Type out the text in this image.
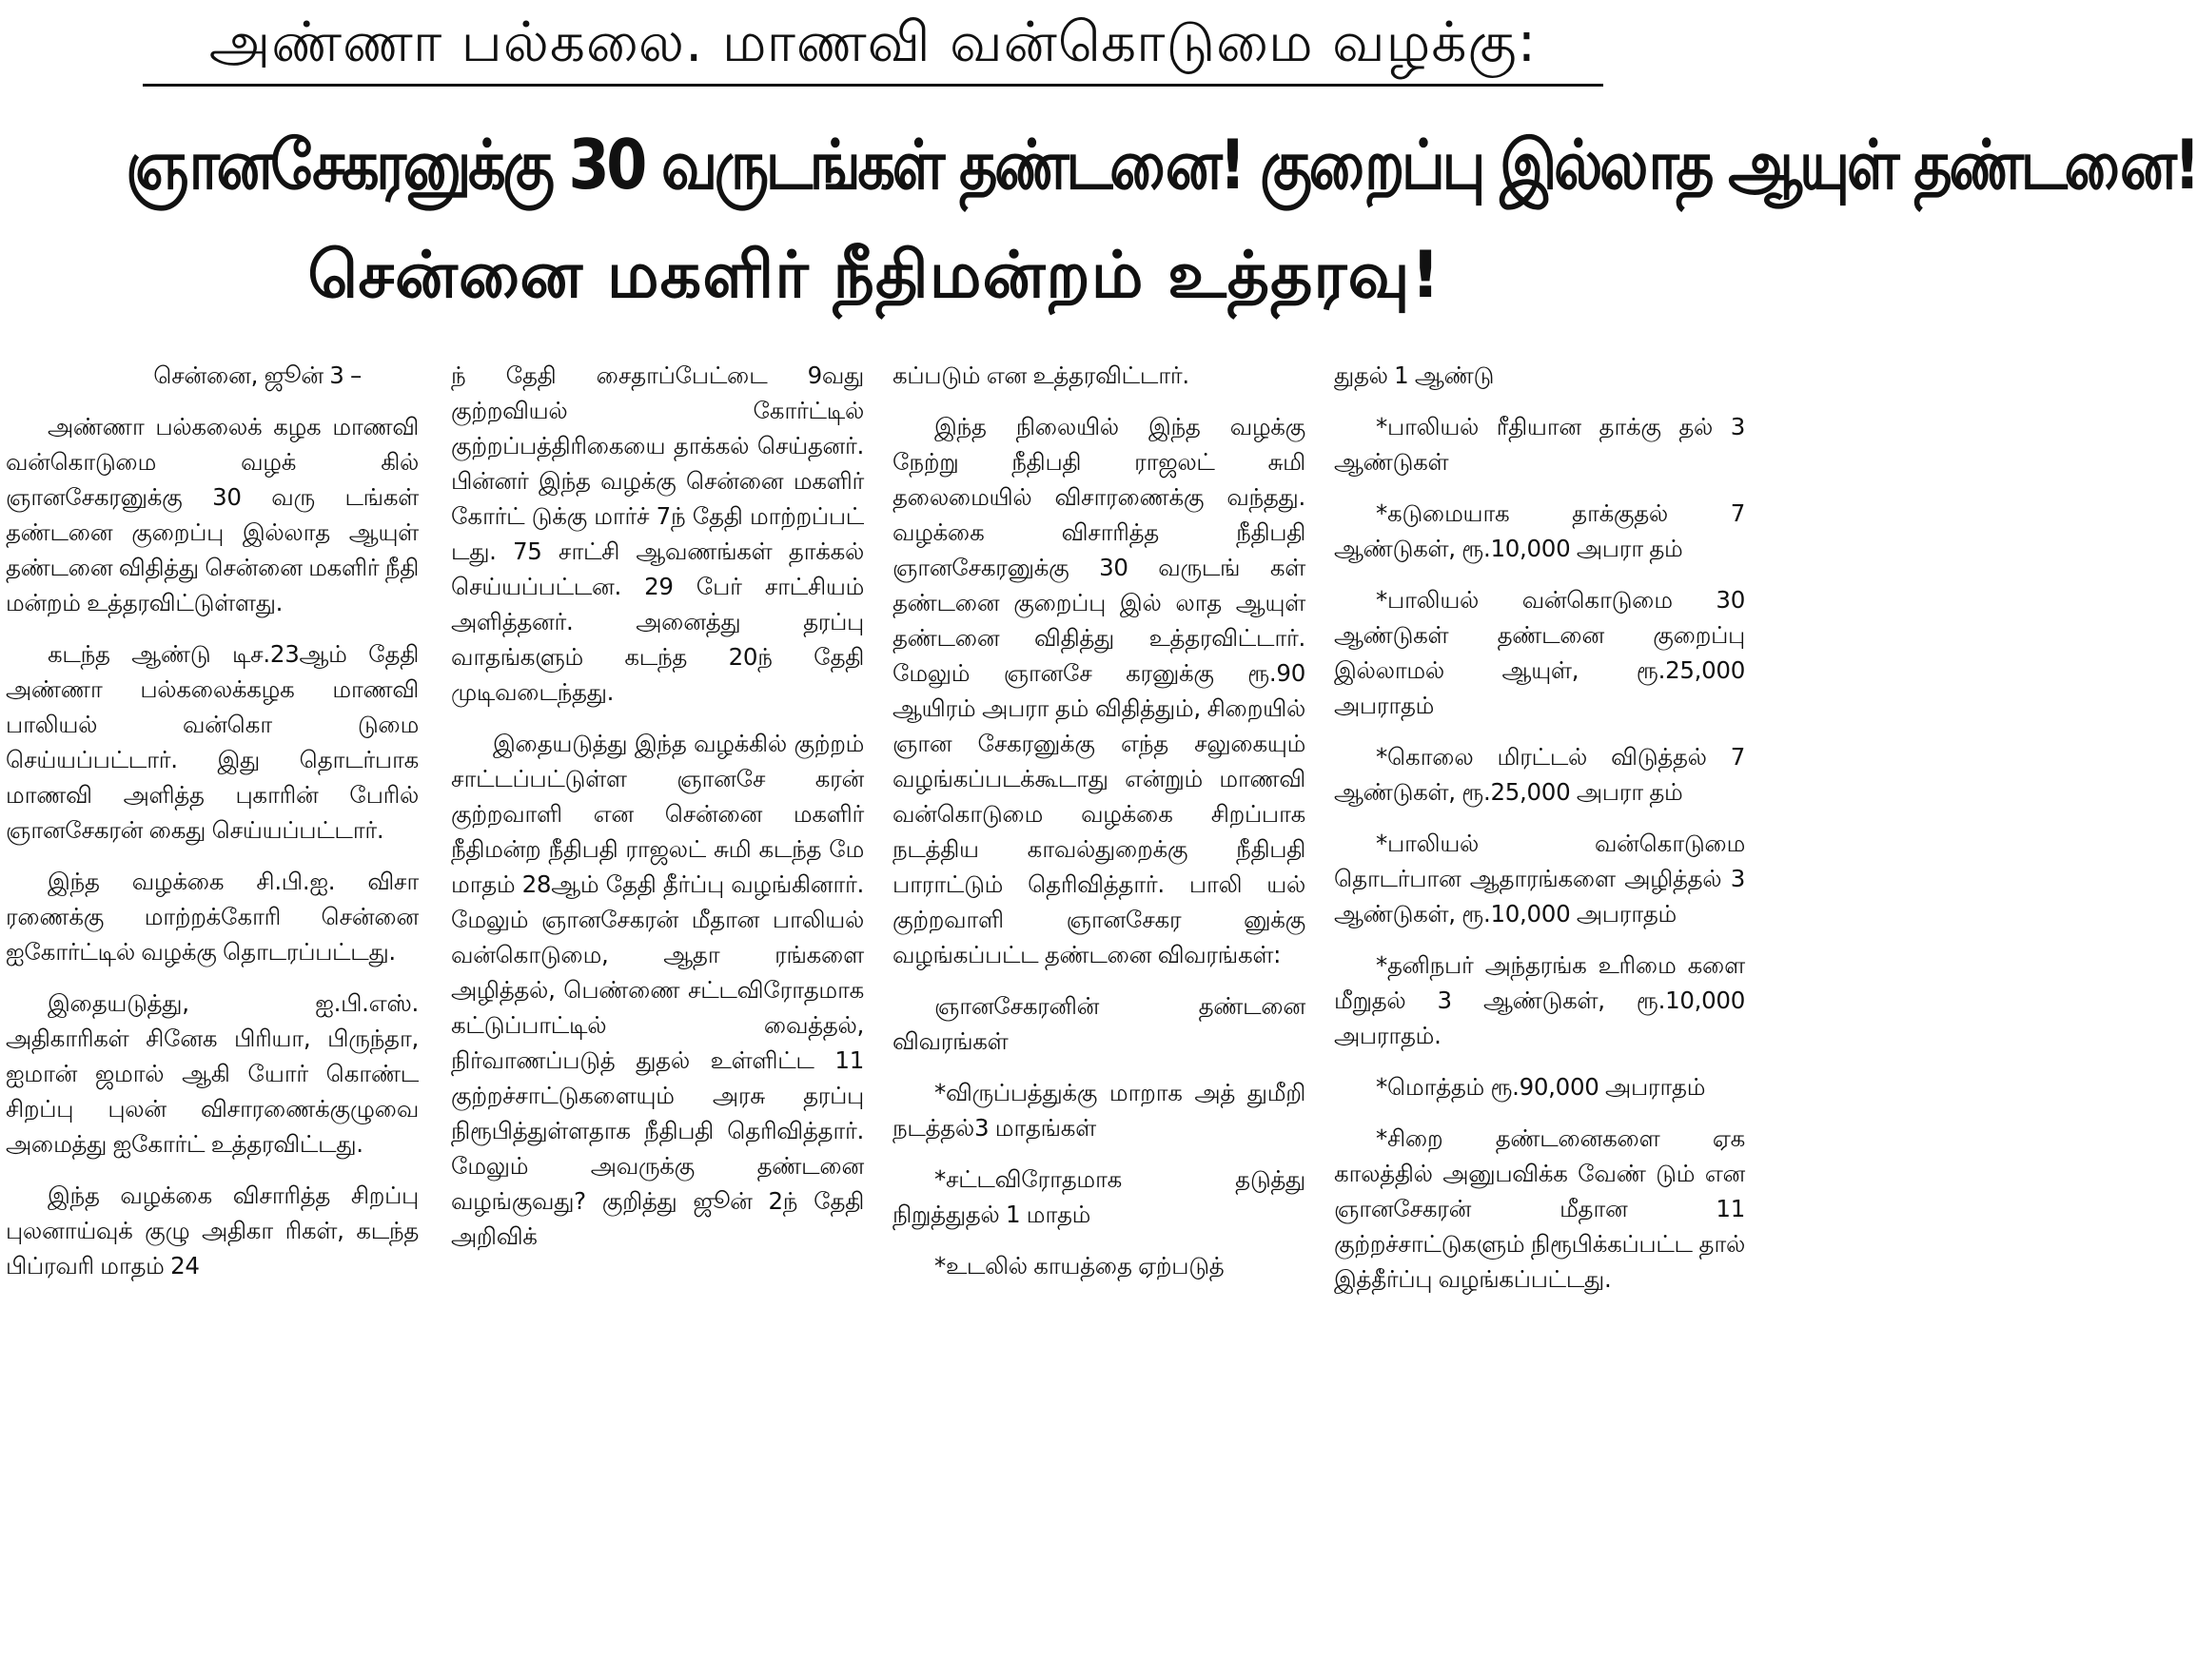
அண்ணா பல்கலை. மாணவி வன்கொடுமை வழக்கு:
ஞானசேகரனுக்கு 30 வருடங்கள் தண்டனை! குறைப்பு இல்லாத ஆயுள் தண்டனை!
சென்னை மகளிர் நீதிமன்றம் உத்தரவு!

சென்னை, ஜூன் 3 –

அண்ணா பல்கலைக் கழக மாணவி வன்கொடுமை வழக் கில் ஞானசேகரனுக்கு 30 வரு டங்கள் தண்டனை குறைப்பு இல்லாத ஆயுள் தண்டனை விதித்து சென்னை மகளிர் நீதி மன்றம் உத்தரவிட்டுள்ளது.

கடந்த ஆண்டு டிச.23ஆம் தேதி அண்ணா பல்கலைக்கழக மாணவி பாலியல் வன்கொ டுமை செய்யப்பட்டார். இது தொடர்பாக மாணவி அளித்த புகாரின் பேரில் ஞானசேகரன் கைது செய்யப்பட்டார்.

இந்த வழக்கை சி.பி.ஐ. விசா ரணைக்கு மாற்றக்கோரி சென்னை ஐகோர்ட்டில் வழக்கு தொடரப்பட்டது.

இதையடுத்து, ஐ.பி.எஸ். அதிகாரிகள் சினேக பிரியா, பிருந்தா, ஐமான் ஜமால் ஆகி யோர் கொண்ட சிறப்பு புலன் விசாரணைக்குழுவை அமைத்து ஐகோர்ட் உத்தரவிட்டது.

இந்த வழக்கை விசாரித்த சிறப்பு புலனாய்வுக் குழு அதிகா ரிகள், கடந்த பிப்ரவரி மாதம் 24

ந் தேதி சைதாப்பேட்டை 9வது குற்றவியல் கோர்ட்டில் குற்றப்பத்திரிகையை தாக்கல் செய்தனர். பின்னர் இந்த வழக்கு சென்னை மகளிர் கோர்ட் டுக்கு மார்ச் 7ந் தேதி மாற்றப்பட் டது. 75 சாட்சி ஆவணங்கள் தாக்கல் செய்யப்பட்டன. 29 பேர் சாட்சியம் அளித்தனர். அனைத்து தரப்பு வாதங்களும் கடந்த 20ந் தேதி முடிவடைந்தது.

இதையடுத்து இந்த வழக்கில் குற்றம் சாட்டப்பட்டுள்ள ஞானசே கரன் குற்றவாளி என சென்னை மகளிர் நீதிமன்ற நீதிபதி ராஜலட் சுமி கடந்த மே மாதம் 28ஆம் தேதி தீர்ப்பு வழங்கினார். மேலும் ஞானசேகரன் மீதான பாலியல் வன்கொடுமை, ஆதா ரங்களை அழித்தல், பெண்ணை சட்டவிரோதமாக கட்டுப்பாட்டில் வைத்தல், நிர்வாணப்படுத் துதல் உள்ளிட்ட 11 குற்றச்சாட்டுகளையும் அரசு தரப்பு நிரூபித்துள்ளதாக நீதிபதி தெரிவித்தார். மேலும் அவருக்கு தண்டனை வழங்குவது? குறித்து ஜூன் 2ந் தேதி அறிவிக்

கப்படும் என உத்தரவிட்டார்.

இந்த நிலையில் இந்த வழக்கு நேற்று நீதிபதி ராஜலட் சுமி தலைமையில் விசாரணைக்கு வந்தது. வழக்கை விசாரித்த நீதிபதி ஞானசேகரனுக்கு 30 வருடங் கள் தண்டனை குறைப்பு இல் லாத ஆயுள் தண்டனை விதித்து உத்தரவிட்டார். மேலும் ஞானசே கரனுக்கு ரூ.90 ஆயிரம் அபரா தம் விதித்தும், சிறையில் ஞான சேகரனுக்கு எந்த சலுகையும் வழங்கப்படக்கூடாது என்றும் மாணவி வன்கொடுமை வழக்கை சிறப்பாக நடத்திய காவல்துறைக்கு நீதிபதி பாராட்டும் தெரிவித்தார். பாலி யல் குற்றவாளி ஞானசேகர னுக்கு வழங்கப்பட்ட தண்டனை விவரங்கள்:

ஞானசேகரனின் தண்டனை விவரங்கள்

*விருப்பத்துக்கு மாறாக அத் துமீறி நடத்தல்3 மாதங்கள்

*சட்டவிரோதமாக தடுத்து நிறுத்துதல் 1 மாதம்

*உடலில் காயத்தை ஏற்படுத்

துதல் 1 ஆண்டு

*பாலியல் ரீதியான தாக்கு தல் 3 ஆண்டுகள்

*கடுமையாக தாக்குதல் 7 ஆண்டுகள், ரூ.10,000 அபரா தம்

*பாலியல் வன்கொடுமை 30 ஆண்டுகள் தண்டனை குறைப்பு இல்லாமல் ஆயுள், ரூ.25,000 அபராதம்

*கொலை மிரட்டல் விடுத்தல் 7 ஆண்டுகள், ரூ.25,000 அபரா தம்

*பாலியல் வன்கொடுமை தொடர்பான ஆதாரங்களை அழித்தல் 3 ஆண்டுகள், ரூ.10,000 அபராதம்

*தனிநபர் அந்தரங்க உரிமை களை மீறுதல் 3 ஆண்டுகள், ரூ.10,000 அபராதம்.

*மொத்தம் ரூ.90,000 அபராதம்

*சிறை தண்டனைகளை ஏக காலத்தில் அனுபவிக்க வேண் டும் என ஞானசேகரன் மீதான 11 குற்றச்சாட்டுகளும் நிரூபிக்கப்பட்ட தால் இத்தீர்ப்பு வழங்கப்பட்டது.
